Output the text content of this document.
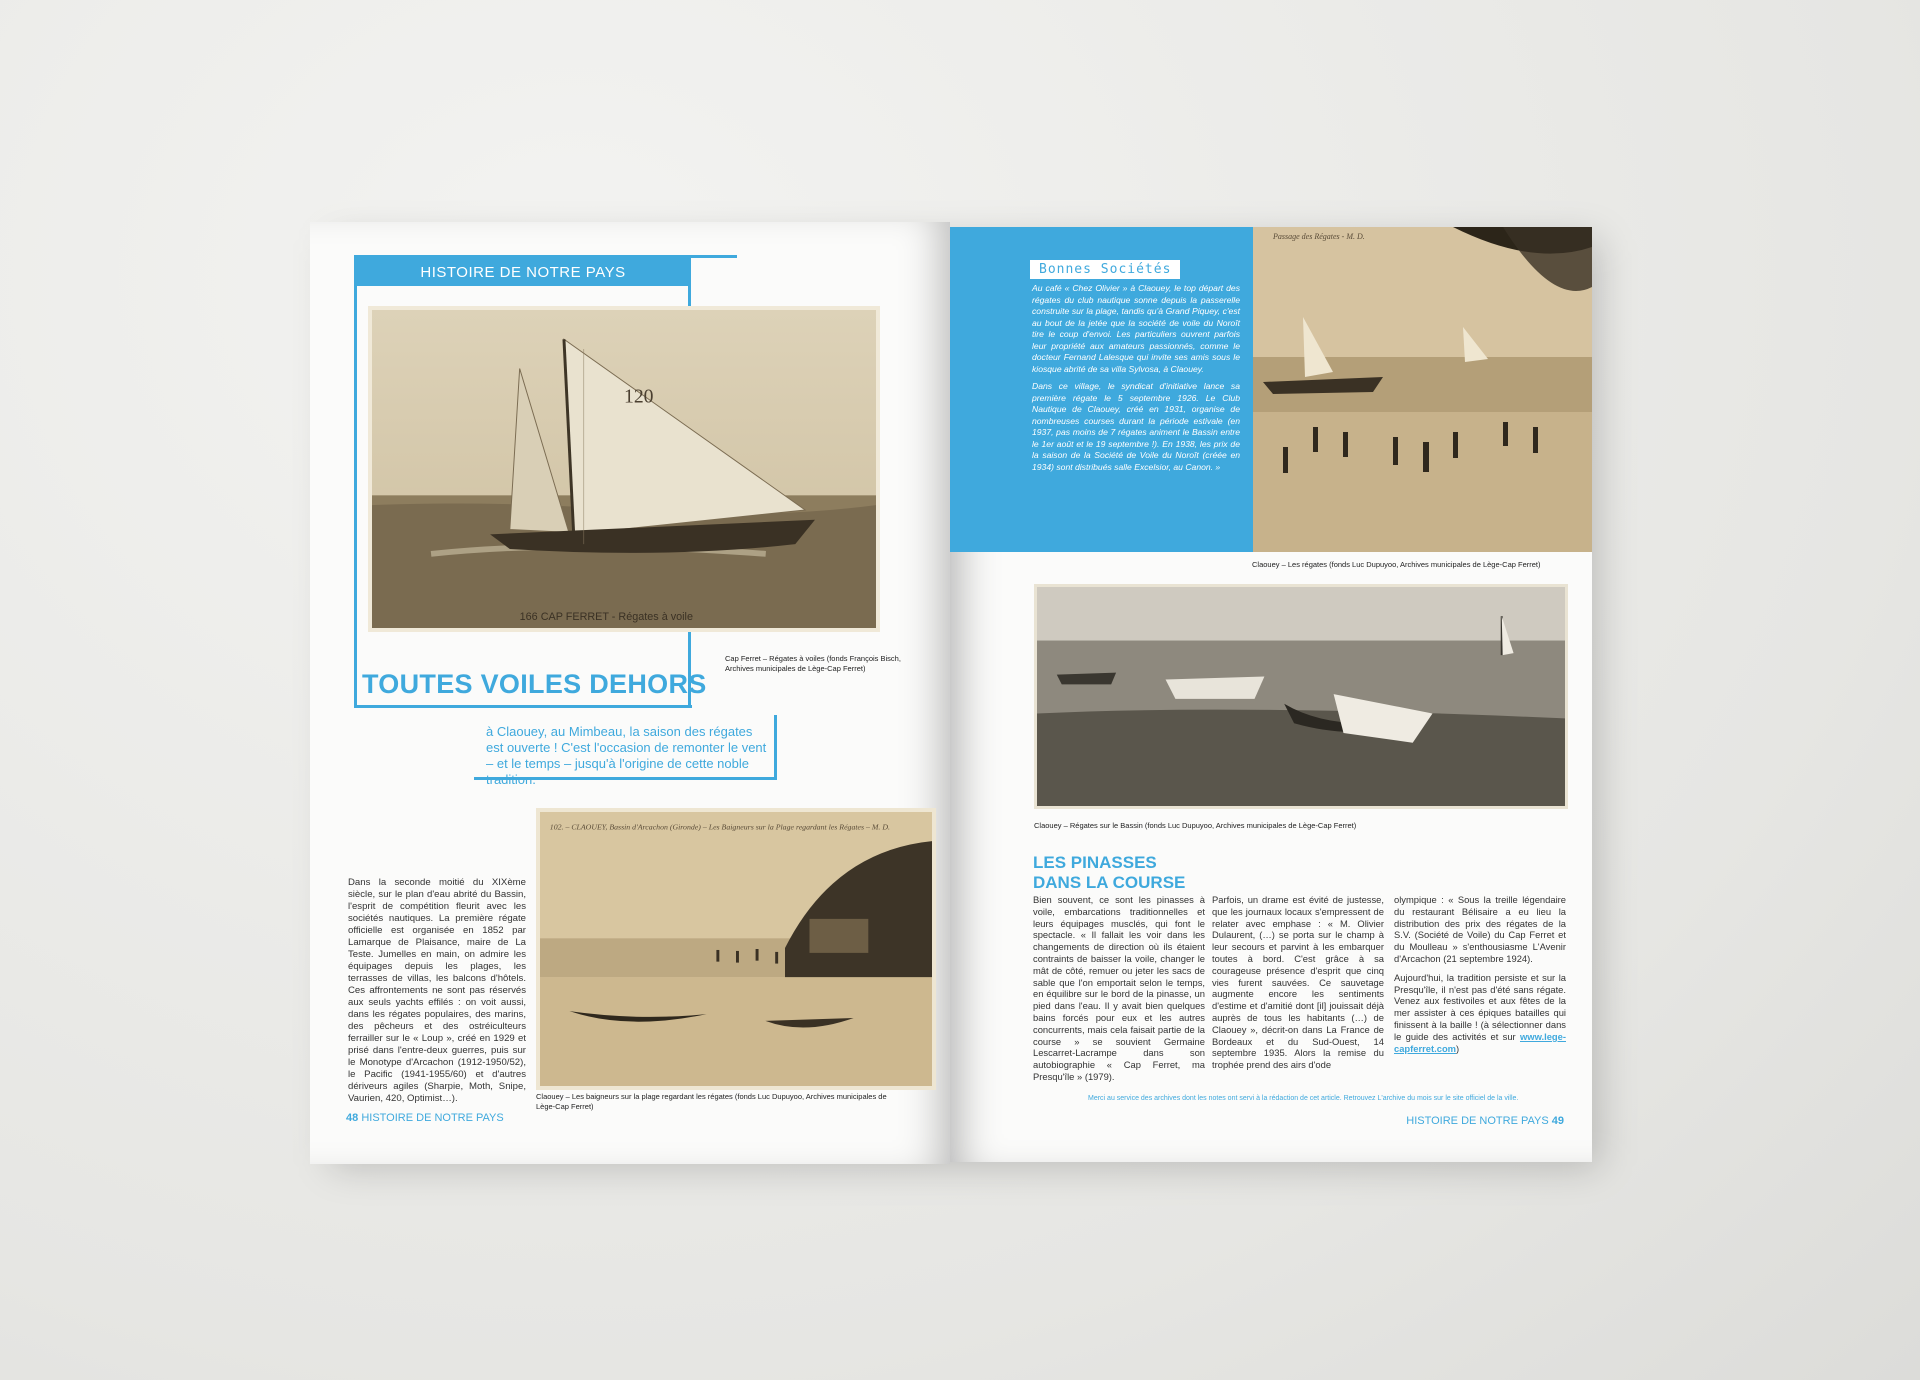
HISTOIRE DE NOTRE PAYS
120
166 CAP FERRET - Régates à voile
Cap Ferret – Régates à voiles (fonds François Bisch, Archives municipales de Lège-Cap Ferret)
TOUTES VOILES DEHORS
à Claouey, au Mimbeau, la saison des régates est ouverte ! C'est l'occasion de remonter le vent – et le temps – jusqu'à l'origine de cette noble tradition.
102. – CLAOUEY, Bassin d'Arcachon (Gironde) – Les Baigneurs sur la Plage regardant les Régates – M. D.
Claouey – Les baigneurs sur la plage regardant les régates (fonds Luc Dupuyoo, Archives municipales de Lège-Cap Ferret)
Dans la seconde moitié du XIXème siècle, sur le plan d'eau abrité du Bassin, l'esprit de compétition fleurit avec les sociétés nautiques. La première régate officielle est organisée en 1852 par Lamarque de Plaisance, maire de La Teste. Jumelles en main, on admire les équipages depuis les plages, les terrasses de villas, les balcons d'hôtels. Ces affrontements ne sont pas réservés aux seuls yachts effilés : on voit aussi, dans les régates populaires, des marins, des pêcheurs et des ostréiculteurs ferrailler sur le « Loup », créé en 1929 et prisé dans l'entre-deux guerres, puis sur le Monotype d'Arcachon (1912-1950/52), le Pacific (1941-1955/60) et d'autres dériveurs agiles (Sharpie, Moth, Snipe, Vaurien, 420, Optimist…).
48 HISTOIRE DE NOTRE PAYS
Bonnes Sociétés

Au café « Chez Olivier » à Claouey, le top départ des régates du club nautique sonne depuis la passerelle construite sur la plage, tandis qu'à Grand Piquey, c'est au bout de la jetée que la société de voile du Noroît tire le coup d'envoi. Les particuliers ouvrent parfois leur propriété aux amateurs passionnés, comme le docteur Fernand Lalesque qui invite ses amis sous le kiosque abrité de sa villa Sylvosa, à Claouey.

Dans ce village, le syndicat d'initiative lance sa première régate le 5 septembre 1926. Le Club Nautique de Claouey, créé en 1931, organise de nombreuses courses durant la période estivale (en 1937, pas moins de 7 régates animent le Bassin entre le 1er août et le 19 septembre !). En 1938, les prix de la saison de la Société de Voile du Noroît (créée en 1934) sont distribués salle Excelsior, au Canon. »

Passage des Régates - M. D.
Claouey – Les régates (fonds Luc Dupuyoo, Archives municipales de Lège-Cap Ferret)
Claouey – Régates sur le Bassin (fonds Luc Dupuyoo, Archives municipales de Lège-Cap Ferret)
LES PINASSES DANS LA COURSE

Bien souvent, ce sont les pinasses à voile, embarcations traditionnelles et leurs équipages musclés, qui font le spectacle. « Il fallait les voir dans les changements de direction où ils étaient contraints de baisser la voile, changer le mât de côté, remuer ou jeter les sacs de sable que l'on emportait selon le temps, en équilibre sur le bord de la pinasse, un pied dans l'eau. Il y avait bien quelques bains forcés pour eux et les autres concurrents, mais cela faisait partie de la course » se souvient Germaine Lescarret-Lacrampe dans son autobiographie « Cap Ferret, ma Presqu'île » (1979).

Parfois, un drame est évité de justesse, que les journaux locaux s'empressent de relater avec emphase : « M. Olivier Dulaurent, (…) se porta sur le champ à leur secours et parvint à les embarquer toutes à bord. C'est grâce à sa courageuse présence d'esprit que cinq vies furent sauvées. Ce sauvetage augmente encore les sentiments d'estime et d'amitié dont [il] jouissait déjà auprès de tous les habitants (…) de Claouey », décrit-on dans La France de Bordeaux et du Sud-Ouest, 14 septembre 1935. Alors la remise du trophée prend des airs d'ode

olympique : « Sous la treille légendaire du restaurant Bélisaire a eu lieu la distribution des prix des régates de la S.V. (Société de Voile) du Cap Ferret et du Moulleau » s'enthousiasme L'Avenir d'Arcachon (21 septembre 1924).

Aujourd'hui, la tradition persiste et sur la Presqu'île, il n'est pas d'été sans régate. Venez aux festivoiles et aux fêtes de la mer assister à ces épiques batailles qui finissent à la baille ! (à sélectionner dans le guide des activités et sur www.lege-capferret.com)

Merci au service des archives dont les notes ont servi à la rédaction de cet article. Retrouvez L'archive du mois sur le site officiel de la ville.
HISTOIRE DE NOTRE PAYS 49
